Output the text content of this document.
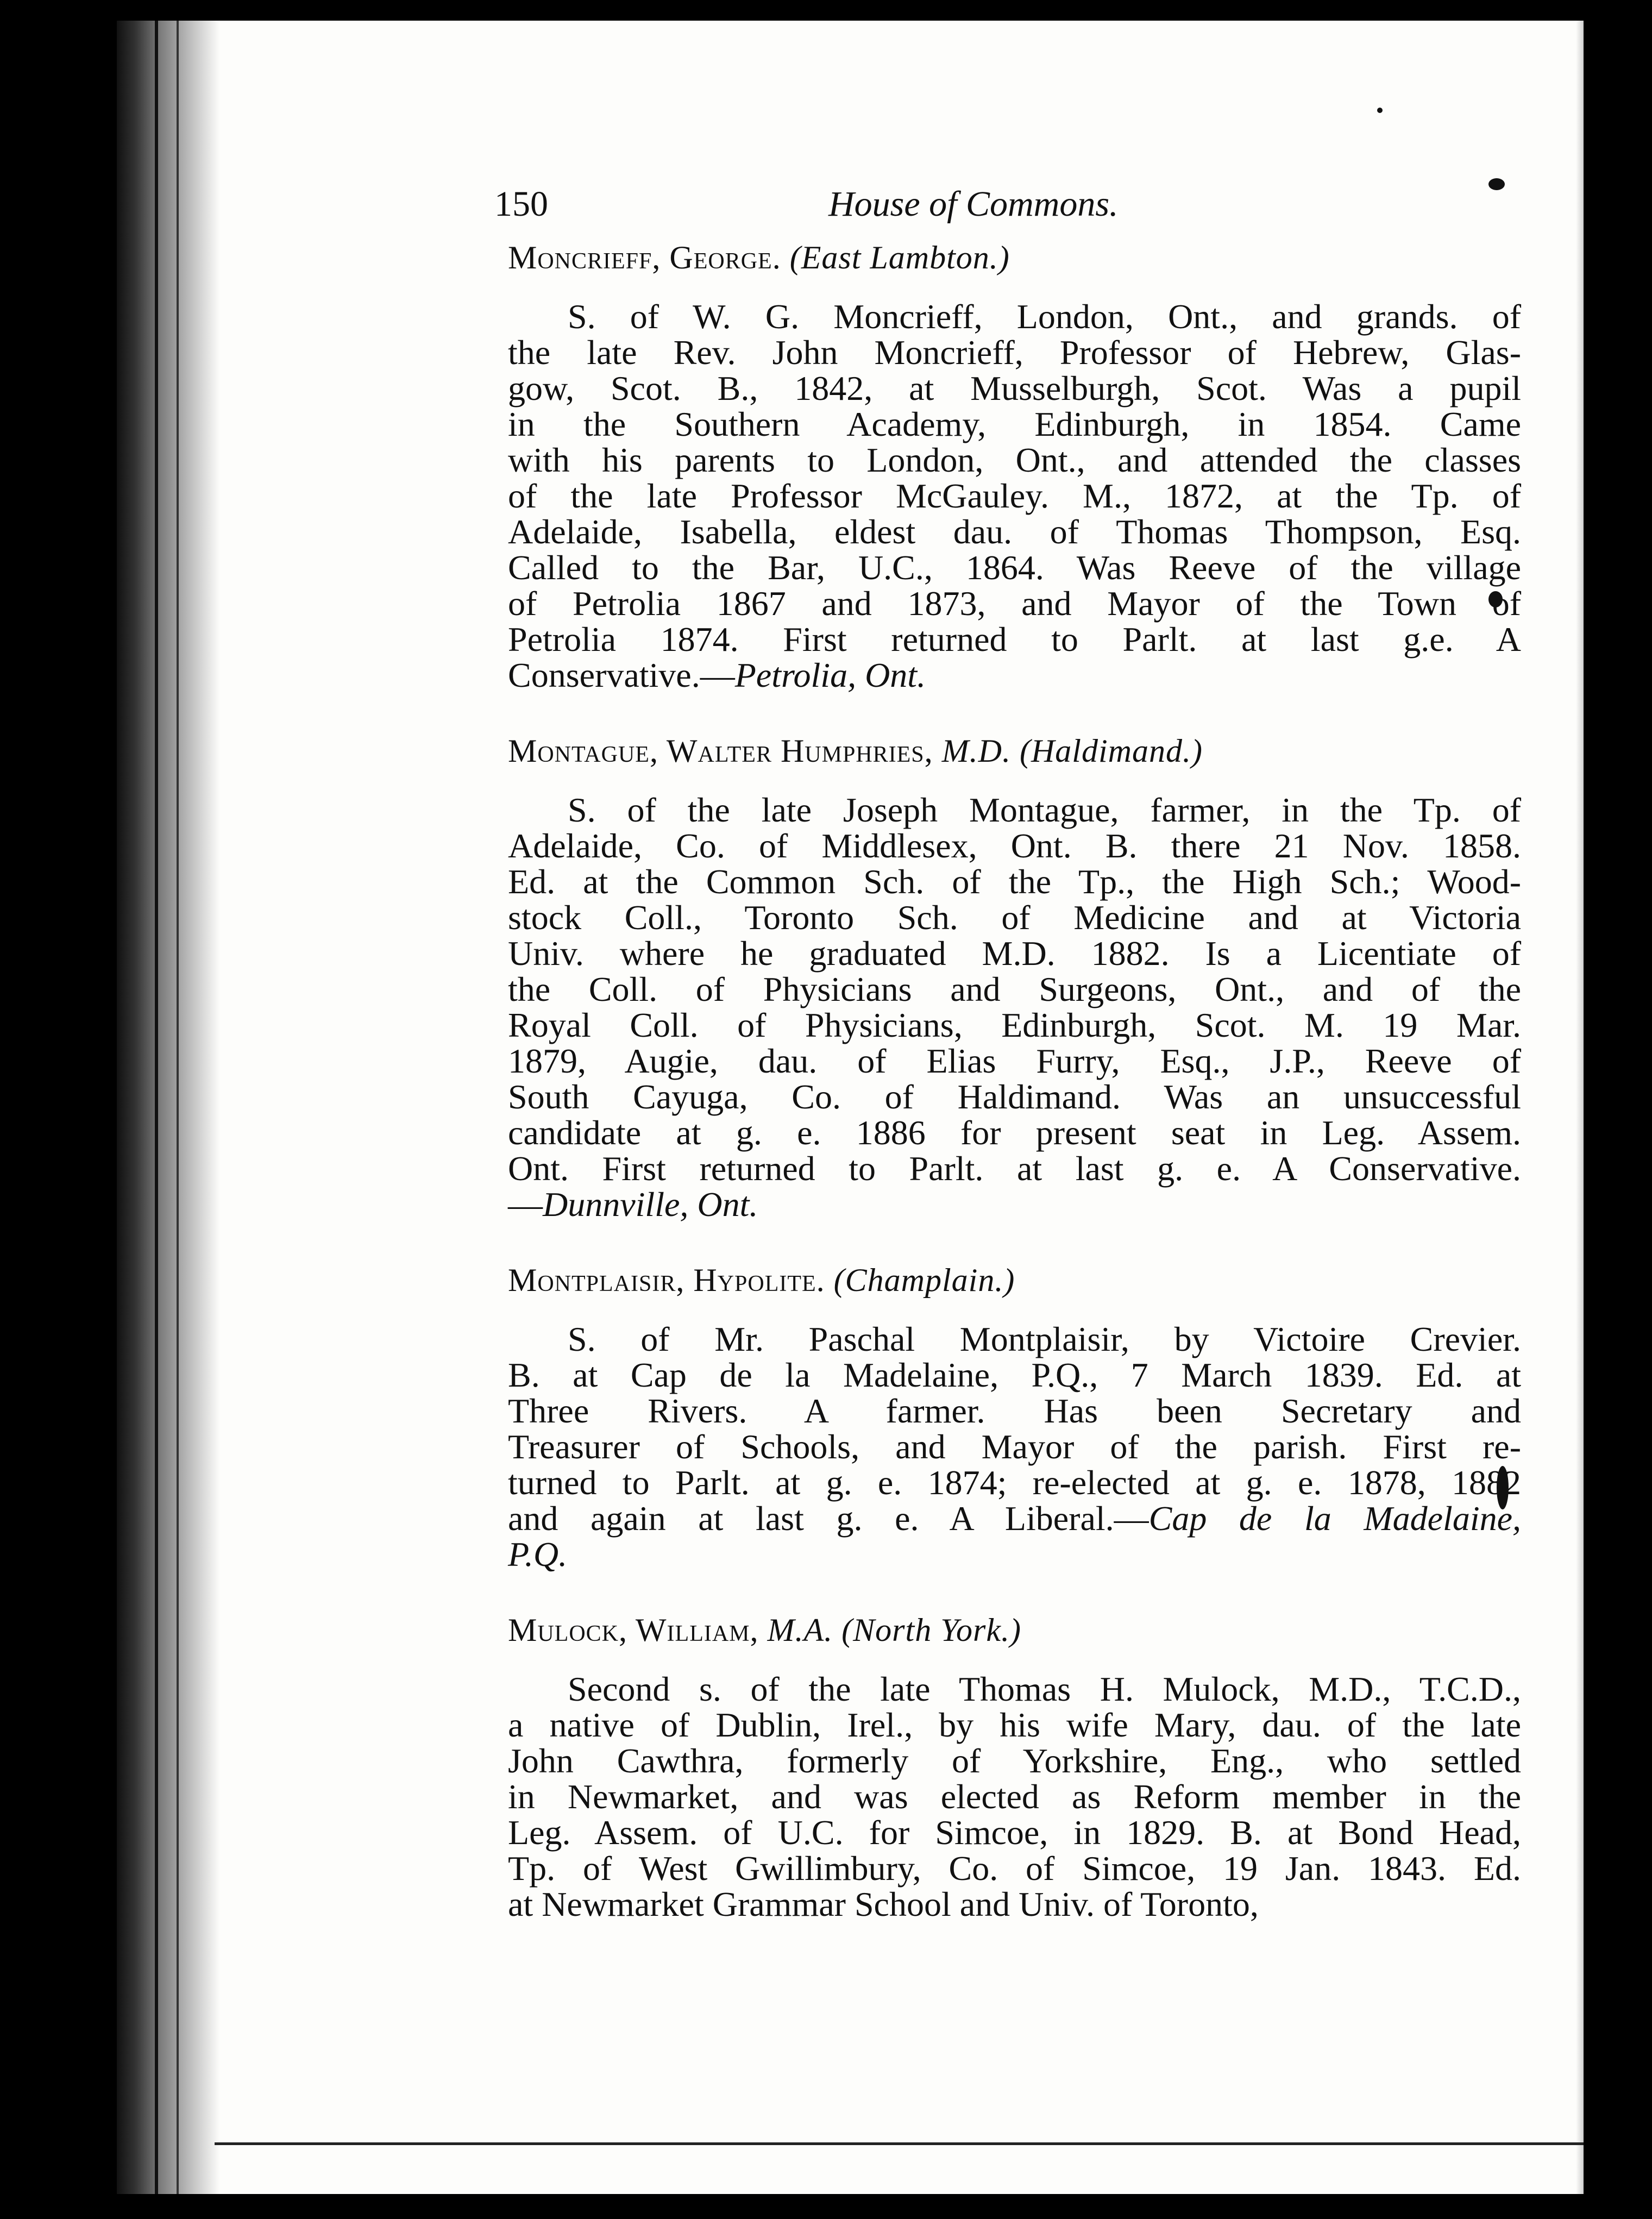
150	House of Commons.
Moncrieff, George. (East Lambton.)
S. of W. G. Moncrieff, London, Ont., and grands. of
the late Rev. John Moncrieff, Professor of Hebrew, Glas-
gow, Scot. B., 1842, at Musselburgh, Scot. Was a pupil
in the Southern Academy, Edinburgh, in 1854. Came
with his parents to London, Ont., and attended the classes
of the late Professor McGauley. M., 1872, at the Tp. of
Adelaide, Isabella, eldest dau. of Thomas Thompson, Esq.
Called to the Bar, U.C., 1864. Was Reeve of the village
of Petrolia 1867 and 1873, and Mayor of the Town of
Petrolia 1874. First returned to Parlt. at last g.e. A
Conservative.—Petrolia, Ont.
Montague, Walter Humphries, M.D. (Haldimand.)
S. of the late Joseph Montague, farmer, in the Tp. of
Adelaide, Co. of Middlesex, Ont. B. there 21 Nov. 1858.
Ed. at the Common Sch. of the Tp., the High Sch.; Wood-
stock Coll., Toronto Sch. of Medicine and at Victoria
Univ. where he graduated M.D. 1882. Is a Licentiate of
the Coll. of Physicians and Surgeons, Ont., and of the
Royal Coll. of Physicians, Edinburgh, Scot. M. 19 Mar.
1879, Augie, dau. of Elias Furry, Esq., J.P., Reeve of
South Cayuga, Co. of Haldimand. Was an unsuccessful
candidate at g. e. 1886 for present seat in Leg. Assem.
Ont. First returned to Parlt. at last g. e. A Conservative.
—Dunnville, Ont.
Montplaisir, Hypolite. (Champlain.)
S. of Mr. Paschal Montplaisir, by Victoire Crevier.
B. at Cap de la Madelaine, P.Q., 7 March 1839. Ed. at
Three Rivers. A farmer. Has been Secretary and
Treasurer of Schools, and Mayor of the parish. First re-
turned to Parlt. at g. e. 1874; re-elected at g. e. 1878, 1882
and again at last g. e. A Liberal.—Cap de la Madelaine,
P.Q.
Mulock, William, M.A. (North York.)
Second s. of the late Thomas H. Mulock, M.D., T.C.D.,
a native of Dublin, Irel., by his wife Mary, dau. of the late
John Cawthra, formerly of Yorkshire, Eng., who settled
in Newmarket, and was elected as Reform member in the
Leg. Assem. of U.C. for Simcoe, in 1829. B. at Bond Head,
Tp. of West Gwillimbury, Co. of Simcoe, 19 Jan. 1843. Ed.
at Newmarket Grammar School and Univ. of Toronto,
